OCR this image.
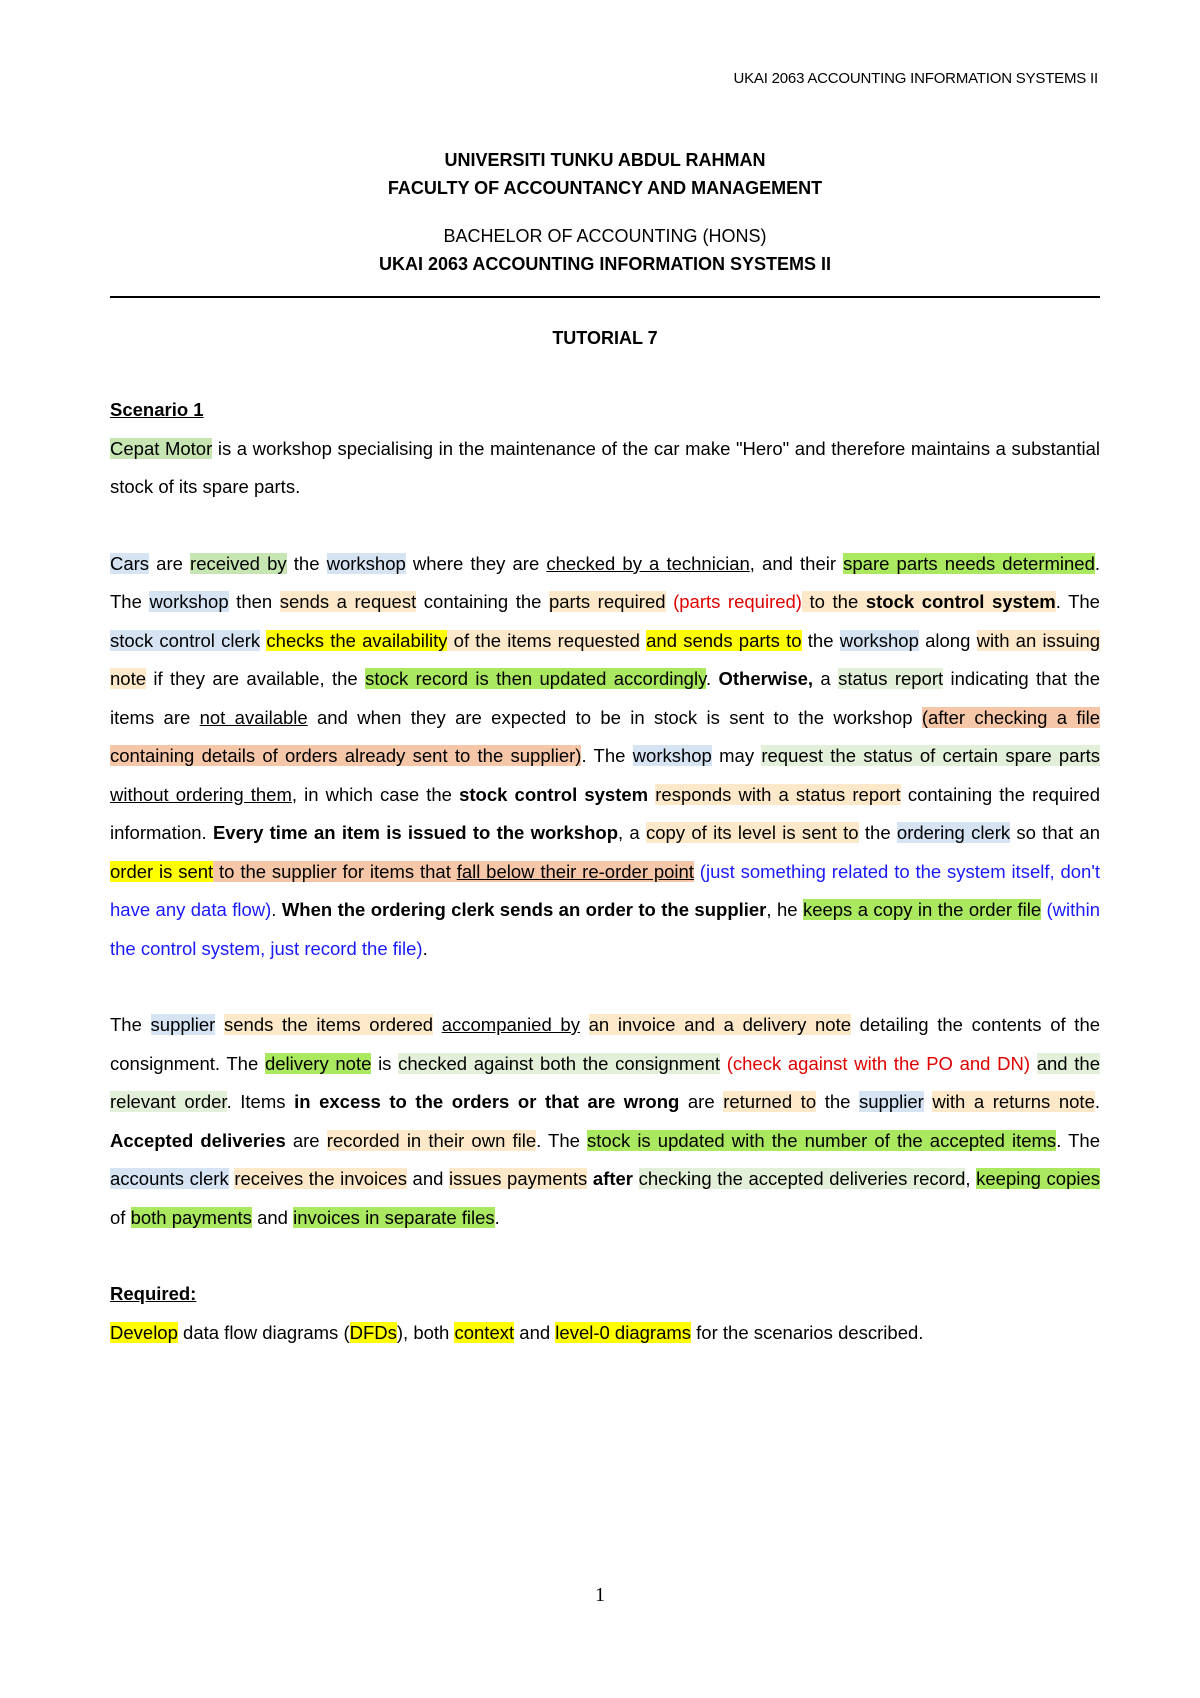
UKAI 2063 ACCOUNTING INFORMATION SYSTEMS II
UNIVERSITI TUNKU ABDUL RAHMAN
FACULTY OF ACCOUNTANCY AND MANAGEMENT
BACHELOR OF ACCOUNTING (HONS)
UKAI 2063 ACCOUNTING INFORMATION SYSTEMS II
TUTORIAL 7

Scenario 1

Cepat Motor is a workshop specialising in the maintenance of the car make "Hero" and therefore maintains a substantial stock of its spare parts.

Cars are received by the workshop where they are checked by a technician, and their spare parts needs determined. The workshop then sends a request containing the parts required (parts required) to the stock control system. The stock control clerk checks the availability of the items requested and sends parts to the workshop along with an issuing note if they are available, the stock record is then updated accordingly. Otherwise, a status report indicating that the items are not available and when they are expected to be in stock is sent to the workshop (after checking a file containing details of orders already sent to the supplier). The workshop may request the status of certain spare parts without ordering them, in which case the stock control system responds with a status report containing the required information. Every time an item is issued to the workshop, a copy of its level is sent to the ordering clerk so that an order is sent to the supplier for items that fall below their re-order point (just something related to the system itself, don't have any data flow). When the ordering clerk sends an order to the supplier, he keeps a copy in the order file (within the control system, just record the file).

The supplier sends the items ordered accompanied by an invoice and a delivery note detailing the contents of the consignment. The delivery note is checked against both the consignment (check against with the PO and DN) and the relevant order. Items in excess to the orders or that are wrong are returned to the supplier with a returns note. Accepted deliveries are recorded in their own file. The stock is updated with the number of the accepted items. The accounts clerk receives the invoices and issues payments after checking the accepted deliveries record, keeping copies of both payments and invoices in separate files.

Required:

Develop data flow diagrams (DFDs), both context and level-0 diagrams for the scenarios described.

1
